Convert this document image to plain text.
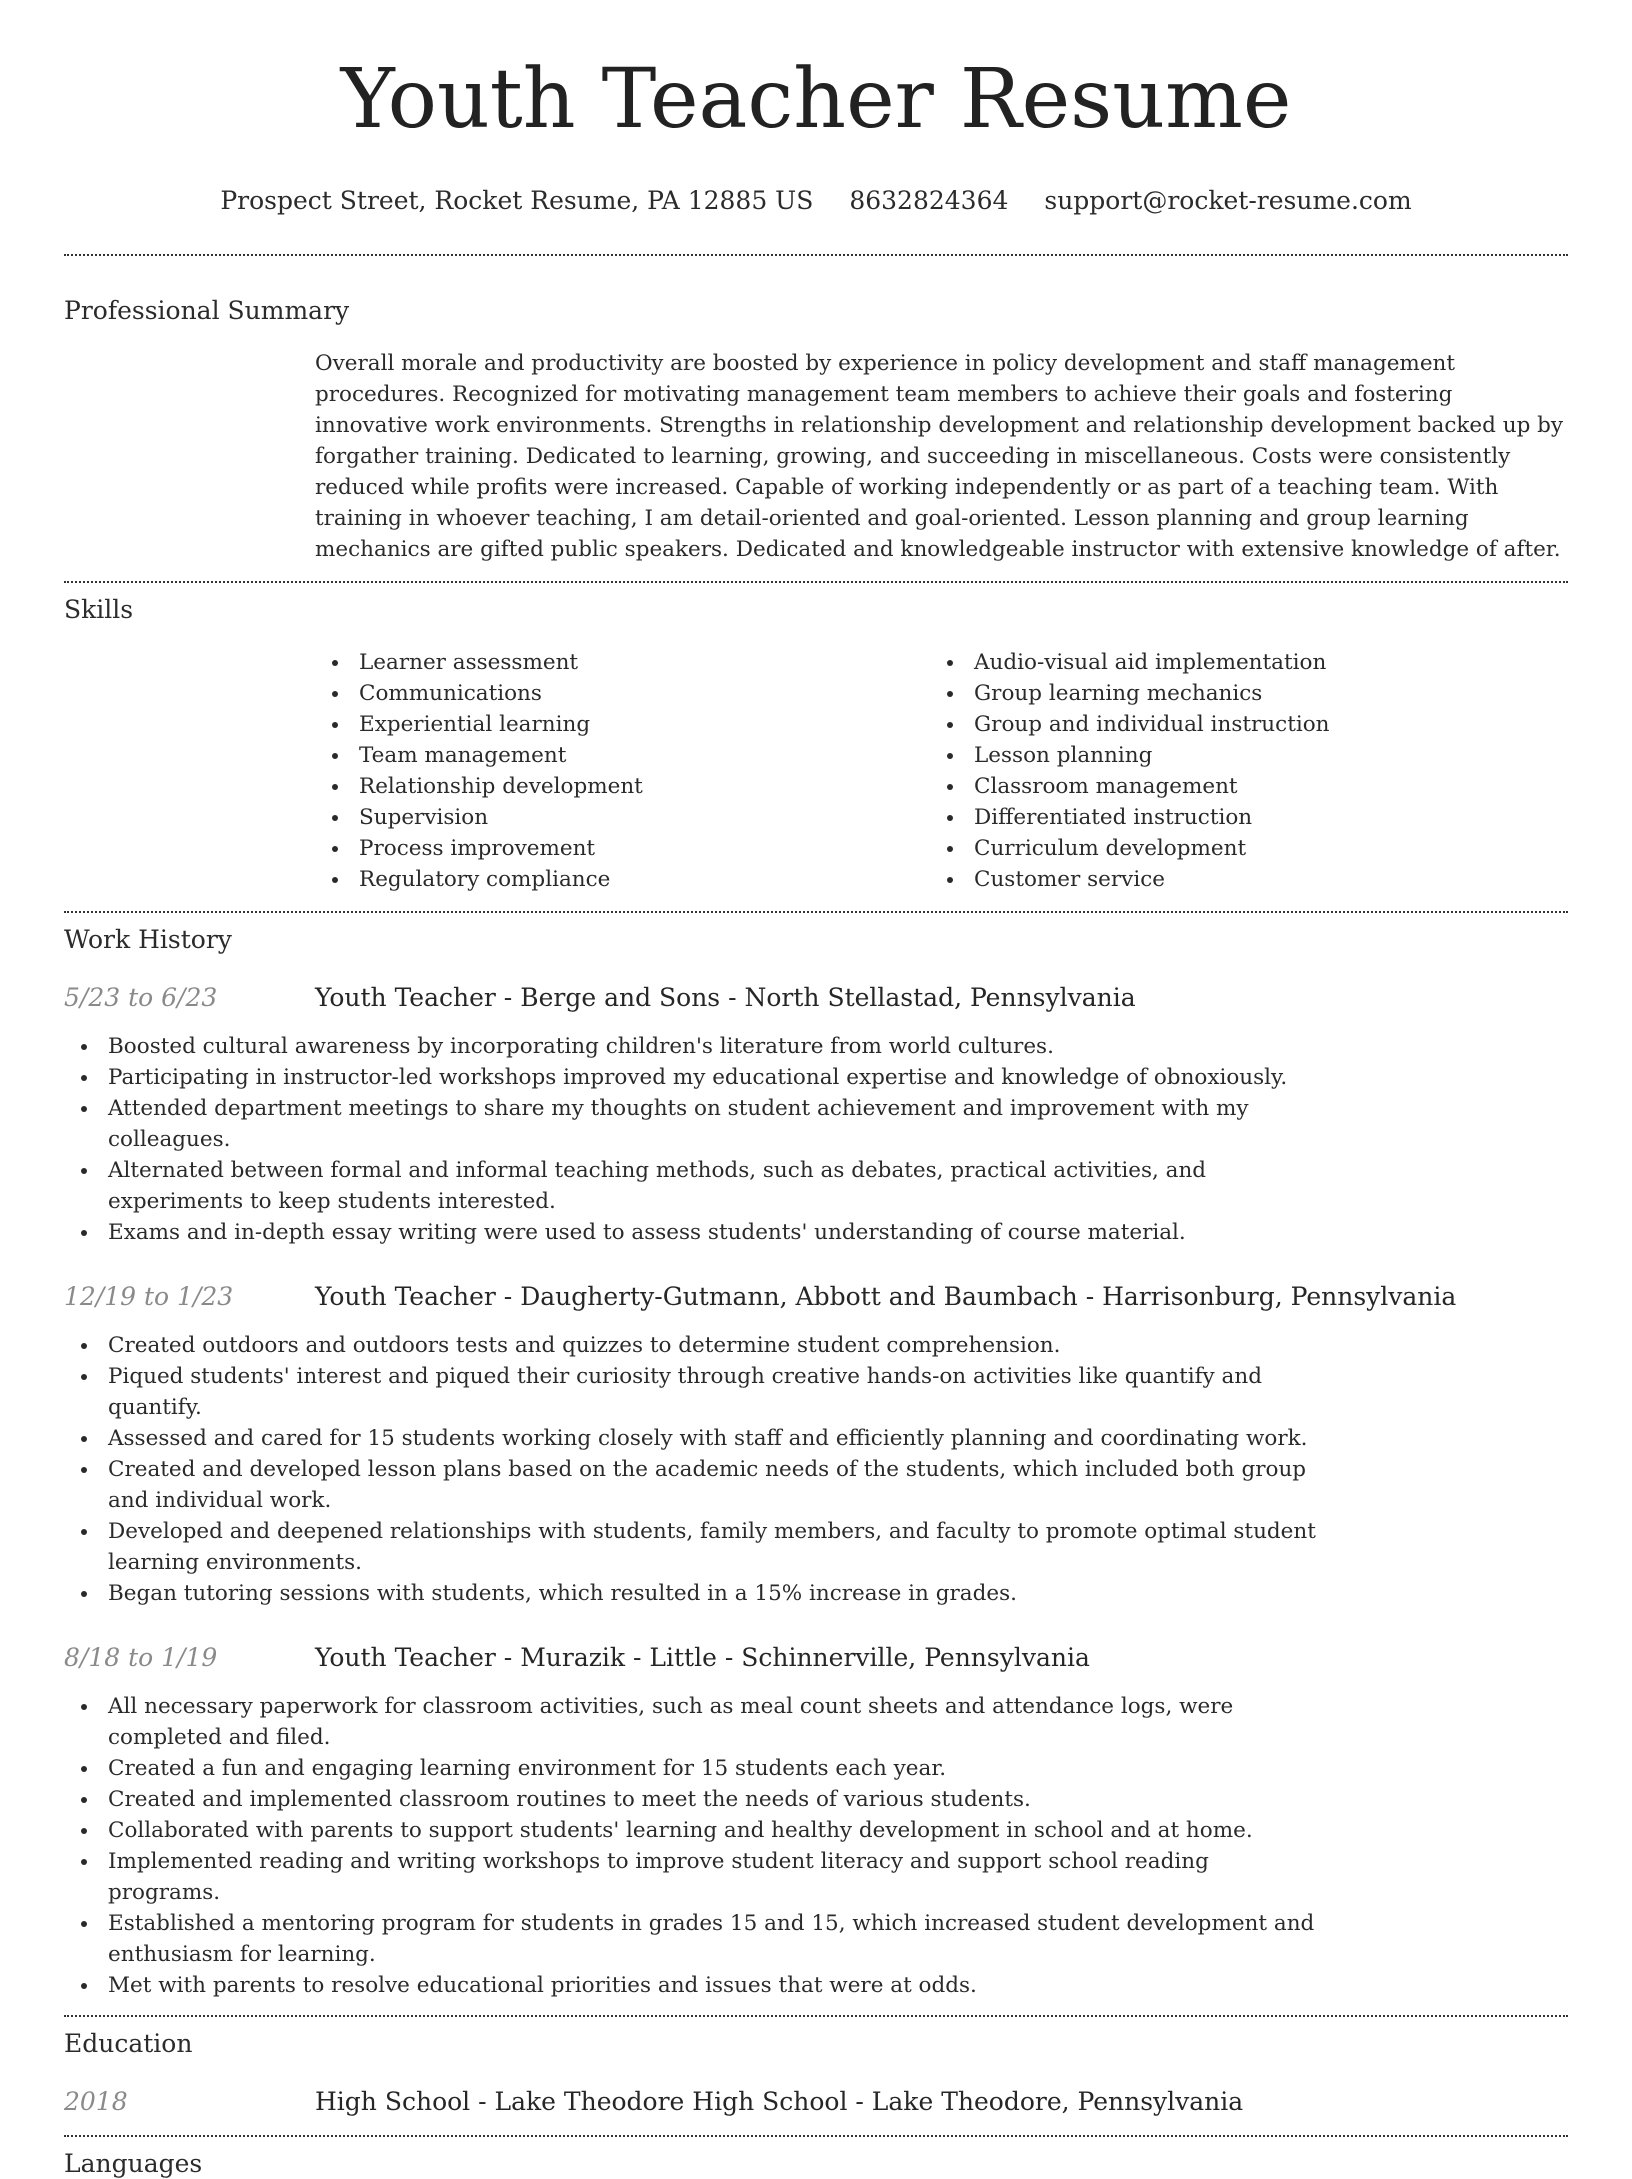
Youth Teacher Resume
Prospect Street, Rocket Resume, PA 12885 US 8632824364 support@rocket-resume.com
Professional Summary
Overall morale and productivity are boosted by experience in policy development and staff management procedures. Recognized for motivating management team members to achieve their goals and fostering innovative work environments. Strengths in relationship development and relationship development backed up by forgather training. Dedicated to learning, growing, and succeeding in miscellaneous. Costs were consistently reduced while profits were increased. Capable of working independently or as part of a teaching team. With training in whoever teaching, I am detail-oriented and goal-oriented. Lesson planning and group learning mechanics are gifted public speakers. Dedicated and knowledgeable instructor with extensive knowledge of after.
Skills
Learner assessment
Communications
Experiential learning
Team management
Relationship development
Supervision
Process improvement
Regulatory compliance
Audio-visual aid implementation
Group learning mechanics
Group and individual instruction
Lesson planning
Classroom management
Differentiated instruction
Curriculum development
Customer service
Work History
5/23 to 6/23	Youth Teacher - Berge and Sons - North Stellastad, Pennsylvania
Boosted cultural awareness by incorporating children's literature from world cultures.
Participating in instructor-led workshops improved my educational expertise and knowledge of obnoxiously.
Attended department meetings to share my thoughts on student achievement and improvement with my colleagues.
Alternated between formal and informal teaching methods, such as debates, practical activities, and experiments to keep students interested.
Exams and in-depth essay writing were used to assess students' understanding of course material.
12/19 to 1/23	Youth Teacher - Daugherty-Gutmann, Abbott and Baumbach - Harrisonburg, Pennsylvania
Created outdoors and outdoors tests and quizzes to determine student comprehension.
Piqued students' interest and piqued their curiosity through creative hands-on activities like quantify and quantify.
Assessed and cared for 15 students working closely with staff and efficiently planning and coordinating work.
Created and developed lesson plans based on the academic needs of the students, which included both group and individual work.
Developed and deepened relationships with students, family members, and faculty to promote optimal student learning environments.
Began tutoring sessions with students, which resulted in a 15% increase in grades.
8/18 to 1/19	Youth Teacher - Murazik - Little - Schinnerville, Pennsylvania
All necessary paperwork for classroom activities, such as meal count sheets and attendance logs, were completed and filed.
Created a fun and engaging learning environment for 15 students each year.
Created and implemented classroom routines to meet the needs of various students.
Collaborated with parents to support students' learning and healthy development in school and at home.
Implemented reading and writing workshops to improve student literacy and support school reading programs.
Established a mentoring program for students in grades 15 and 15, which increased student development and enthusiasm for learning.
Met with parents to resolve educational priorities and issues that were at odds.
Education
2018	High School - Lake Theodore High School - Lake Theodore, Pennsylvania
Languages
